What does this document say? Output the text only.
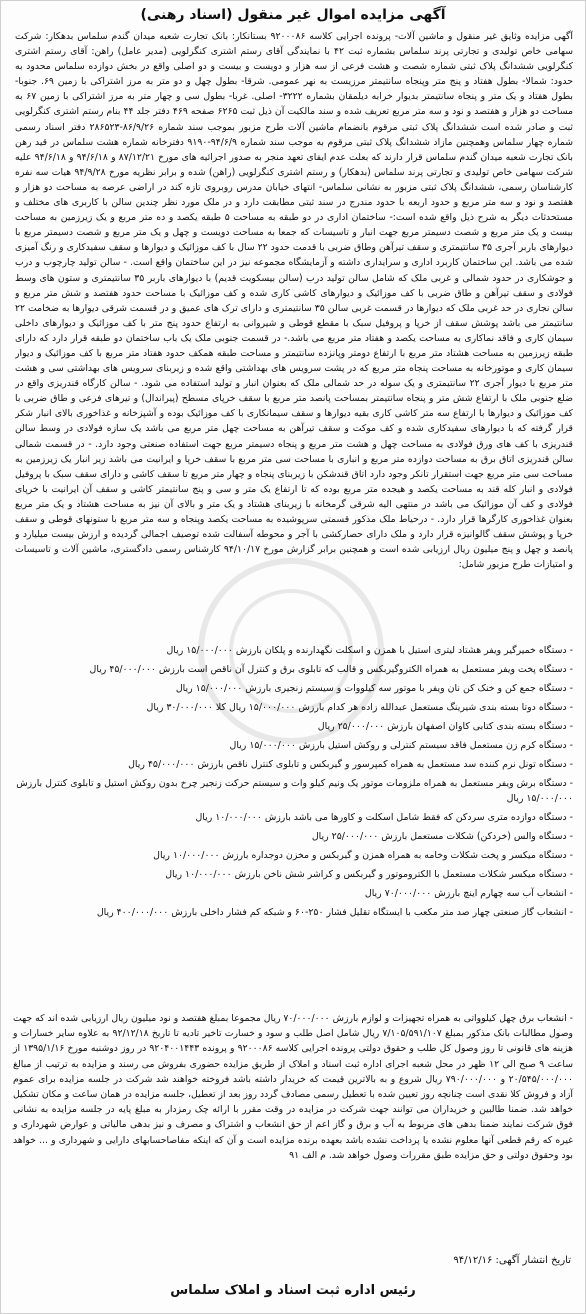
آگهی مزایده اموال غیر منقول (اسناد رهنی)

آگهی مزایده وثایق غیر منقول و ماشین آلات- پرونده اجرایی کلاسه ۹۲۰۰۰۸۶ بستانکار: بانک تجارت شعبه میدان گندم سلماس بدهکار: شرکت سهامی خاص تولیدی و تجارتی پرند سلماس بشماره ثبت ۴۲ با نمایندگی آقای رستم اشتری کنگرلویی (مدیر عامل) راهن: آقای رستم اشتری کنگرلویی ششدانگ پلاک ثبتی شماره شصت و هشت فرعی از سه هزار و دویست و بیست و دو اصلی واقع در بخش دوازده سلماس محدود به حدود: شمالا- بطول هفتاد و پنج متر وپنجاه سانتیمتر مرزیست به نهر عمومی. شرقا- بطول چهل و دو متر به مرز اشتراکی با زمین ۶۹. جنوبا- بطول هفتاد و یک متر و پنجاه سانتیمتر بدیوار خرابه دیلمقان بشماره ۳۲۲۲- اصلی. غربا- بطول سی و چهار متر به مرز اشتراکی با زمین ۶۷ به مساحت دو هزار و هفتصد و نود و سه متر مربع تعریف شده و سند مالکیت آن ذیل ثبت ۶۲۶۵ صفحه ۴۶۹ دفتر جلد ۴۴ بنام رستم اشتری کنگرلویی ثبت و صادر شده است ششدانگ پلاک ثبتی مرقوم بانضمام ماشین آلات طرح مزبور بموجب سند شماره ۸۶/۹/۲۶-۲۸۶۵۲۳ دفتر اسناد رسمی شماره چهار سلماس وهمچنین مازاد ششدانگ پلاک ثبتی مرقوم به موجب سند شماره ۹۴/۶/۹-۹۱۹۰ دفترخانه شماره هشت سلماس در قید رهن بانک تجارت شعبه میدان گندم سلماس قرار دارند که بعلت عدم ایفای تعهد منجر به صدور اجرائیه های مورخ ۸۷/۱۲/۲۱ و ۹۴/۶/۱۸ و ۹۴/۶/۱۸ علیه شرکت سهامی خاص تولیدی و تجارتی پرند سلماس (بدهکار) و رستم اشتری کنگرلویی (راهن) شده و برابر نظریه مورخ ۹۴/۹/۲۸ هیات سه نفره کارشناسان رسمی، ششدانگ پلاک ثبتی مزبور به نشانی سلماس- انتهای خیابان مدرس روبروی تازه کند در اراضی عرصه به مساحت دو هزار و هفتصد و نود و سه متر مربع و حدود اربعه با حدود مندرج در سند ثبتی مطابقت دارد و در ملک مورد نظر چندین سالن با کاربری های مختلف و مستحدثات دیگر به شرح ذیل واقع شده است:- ساختمان اداری در دو طبقه به مساحت ۵ طبقه یکصد و ده متر مربع و یک زیرزمین به مساحت بیست و یک متر مربع و شصت دسیمتر مربع جهت انبار و تاسیسات که جمعا به مساحت دویست و چهل و یک متر مربع و شصت دسیمتر مربع با دیوارهای باربر آجری ۳۵ سانتیمتری و سقف تیرآهن وطاق ضربی با قدمت حدود ۲۲ سال با کف موزائیک و دیوارها و سقف سفیدکاری و رنگ آمیزی شده می باشد. این ساختمان کاربرد اداری و سرایداری داشته و آزمایشگاه مجموعه نیز در این ساختمان واقع است. - سالن تولید چارچوب و درب و جوشکاری در حدود شمالی و غربی ملک که شامل سالن تولید درب (سالن بیسکویت قدیم) با دیوارهای باربر ۳۵ سانتیمتری و ستون های وسط فولادی و سقف تیرآهن و طاق ضربی با کف موزائیک و دیوارهای کاشی کاری شده و کف موزائیک با مساحت حدود هفتصد و شش متر مربع و سالن نجاری در حد غربی ملک که دیوارها در قسمت غربی سالن ۳۵ سانتیمتری و دارای ترک های عمیق و در قسمت شرقی دیوارها به ضخامت ۲۲ سانتیمتر می باشد پوشش سقف از خرپا و پروفیل سبک با مقطع قوطی و شیروانی به ارتفاع حدود پنج متر با کف موزائیک و دیوارهای داخلی سیمان کاری و فاقد نماکاری به مساحت یکصد و هفتاد متر مربع می باشد.- در قسمت جنوبی ملک یک باب ساختمان دو طبقه قرار دارد که دارای طبقه زیرزمین به مساحت هشتاد متر مربع با ارتفاع دومتر وپانزده سانتیمتر و مساحت طبقه همکف حدود هفتاد متر مربع با کف موزائیک و دیوار سیمان کاری و موتورخانه به مساحت پنجاه متر مربع که در پشت سرویس های بهداشتی واقع شده و زیربنای سرویس های بهداشتی سی و هشت متر مربع با دیوار آجری ۲۲ سانتیمتری و یک سوله در حد شمالی ملک که بعنوان انبار و تولید استفاده می شود. - سالن کارگاه قندریزی واقع در ضلع جنوبی ملک با ارتفاع شش متر و پنجاه سانتیمتر بمساحت پانصد متر مربع با سقف خرپای مسطح (پیراندال) و تیرهای فرعی و طاق ضربی با کف موزائیک و دیوارها با ارتفاع سه متر کاشی کاری بقیه دیوارها و سقف سیمانکاری با کف موزائیک بوده و آشپزخانه و غذاخوری بالای انبار شکر قرار گرفته که با دیوارهای سفیدکاری شده و کف موکت و سقف تیرآهن به مساحت چهل متر مربع می باشد یک سازه فولادی در وسط سالن قندریزی با کف های ورق فولادی به مساحت چهل و هشت متر مربع و پنجاه دسیمتر مربع جهت استفاده صنعتی وجود دارد. - در قسمت شمالی سالن قندریزی اتاق برق به مساحت دوازده متر مربع و انباری با مساحت سی متر مربع با سقف خرپا و ایرانیت می باشد زیر انبار یک زیرزمین به مساحت سی متر مربع جهت استقرار تانکر وجود دارد اتاق قندشکن با زیربنای پنجاه و چهار متر مربع تا سقف کاشی و دارای سقف سبک با پروفیل فولادی و انبار کله قند به مساحت یکصد و هیجده متر مربع بوده که تا ارتفاع یک متر و سی و پنج سانتیمتر کاشی و سقف آن ایرانیت با خرپای فولادی و کف آن موزائیک می باشد در منتهی الیه شرقی گرمخانه با زیربنای هشتاد و یک متر و بالای آن نیز به مساحت هشتاد و یک متر مربع بعنوان غذاخوری کارگرها قرار دارد. - درحیاط ملک مذکور قسمتی سرپوشیده به مساحت یکصد وپنجاه و سه متر مربع با ستونهای قوطی و سقف خرپا و پوشش سقف گالوانیزه قرار دارد و ملک دارای حصارکشی با آجر و محوطه آسفالت شده توصیف اجمالی گردیده و ارزش بیست میلیارد و پانصد و چهل و پنج میلیون ریال ارزیابی شده است و همچنین برابر گزارش مورخ ۹۴/۱۰/۱۷ کارشناس رسمی دادگستری، ماشین آلات و تاسیسات و امتیازات طرح مزبور شامل:

- دستگاه خمیرگیر ویفر هشتاد لیتری استیل با همزن و اسکلت نگهدارنده و پلکان بارزش ۱۵/۰۰۰/۰۰۰ ریال
- دستگاه پخت ویفر مستعمل به همراه الکتروگیربکس و قالب که تابلوی برق و کنترل آن ناقص است بارزش ۴۵/۰۰۰/۰۰۰ ریال
- دستگاه جمع کن و خنک کن نان ویفر با موتور سه کیلووات و سیستم زنجیری بارزش ۱۵/۰۰۰/۰۰۰ ریال
- دستگاه دوتا بسته بندی شیرینگ مستعمل عبدالله زاده هر کدام بارزش ۱۵/۰۰۰/۰۰۰ ریال کلا ۳۰/۰۰۰/۰۰۰ ریال
- دستگاه بسته بندی کتابی کاوان اصفهان بارزش ۲۵/۰۰۰/۰۰۰ ریال
- دستگاه کرم زن مستعمل فاقد سیستم کنترلی و روکش استیل بارزش ۱۵/۰۰۰/۰۰۰ ریال
- دستگاه تونل نرم کننده سد مستعمل به همراه کمپرسور و گیربکس و تابلوی کنترل ناقص بارزش ۴۵/۰۰۰/۰۰۰ ریال
- دستگاه برش ویفر مستعمل به همراه ملزومات موتور یک ونیم کیلو وات و سیستم حرکت زنجیر چرخ بدون روکش استیل و تابلوی کنترل بارزش ۱۵/۰۰۰/۰۰۰ ریال
- دستگاه دوازده متری سردکن که فقط شامل اسکلت و کاورها می باشد بارزش ۱۰/۰۰۰/۰۰۰ ریال
- دستگاه والس (خردکن) شکلات مستعمل بارزش ۲۵/۰۰۰/۰۰۰ ریال
- دستگاه میکسر و پخت شکلات وخامه به همراه همزن و گیربکس و مخزن دوجداره بارزش ۱۰/۰۰۰/۰۰۰ ریال
- دستگاه میکسر شکلات مستعمل با الکتروموتور و گیربکس و کراشر شش ناخن بارزش ۱۰/۰۰۰/۰۰۰ ریال
- انشعاب آب سه چهارم اینچ بارزش ۷۰/۰۰۰/۰۰۰ ریال
- انشعاب گاز صنعتی چهار صد متر مکعب با ایستگاه تقلیل فشار ۲۵۰-۶۰ و شبکه کم فشار داخلی بارزش ۴۰۰/۰۰۰/۰۰۰ ریال
- انشعاب برق چهل کیلوواتی به همراه تجهیزات و لوازم بارزش ۷۰/۰۰۰/۰۰۰ ریال مجموعا بمبلغ هفتصد و نود میلیون ریال ارزیابی شده اند که جهت وصول مطالبات بانک مذکور بمبلغ ۷/۱۰۵/۵۹۱/۱۰۷ ریال شامل اصل طلب و سود و خسارت تاخیر تادیه تا تاریخ ۹۲/۱۲/۱۸ به علاوه سایر خسارات و هزینه های قانونی تا روز وصول کل طلب و حقوق دولتی پرونده اجرایی کلاسه ۹۲۰۰۰۸۶ و پرونده ۹۲۰۴۰۰۱۴۴۳ در روز دوشنبه مورخ ۱۳۹۵/۱/۱۶ از ساعت ۹ صبح الی ۱۲ ظهر در محل شعبه اجرای اداره ثبت اسناد و املاک از طریق مزایده حضوری بفروش می رسند و مزایده به ترتیب از مبالغ ۲۰/۵۴۵/۰۰۰/۰۰۰ و ۷۹۰/۰۰۰/۰۰۰ ریال شروع و به بالاترین قیمت که خریدار داشته باشد فروخته خواهند شد شرکت در جلسه مزایده برای عموم آزاد و فروش کلا نقدی است چنانچه روز تعیین شده با تعطیل رسمی مصادف گردد روز بعد از تعطیل، جلسه مزایده در همان ساعت و مکان تشکیل خواهد شد. ضمنا طالبین و خریداران می توانند جهت شرکت در مزایده در وقت مقرر با ارائه چک رمزدار به مبلغ پایه در جلسه مزایده به نشانی فوق شرکت نمایند ضمنا بدهی های مربوط به آب و برق و گاز اعم از حق انشعاب و اشتراک و مصرف و نیز بدهی مالیاتی و عوارض شهرداری و غیره که رقم قطعی آنها معلوم نشده یا پرداخت نشده باشد بعهده برنده مزایده است و آن که اینکه مفاصاحسابهای دارایی و شهرداری و ... خواهد بود وحقوق دولتی و حق مزایده طبق مقررات وصول خواهد شد. م الف ۹۱
تاریخ انتشار آگهی: ۹۴/۱۲/۱۶
رئیس اداره ثبت اسناد و املاک سلماس
